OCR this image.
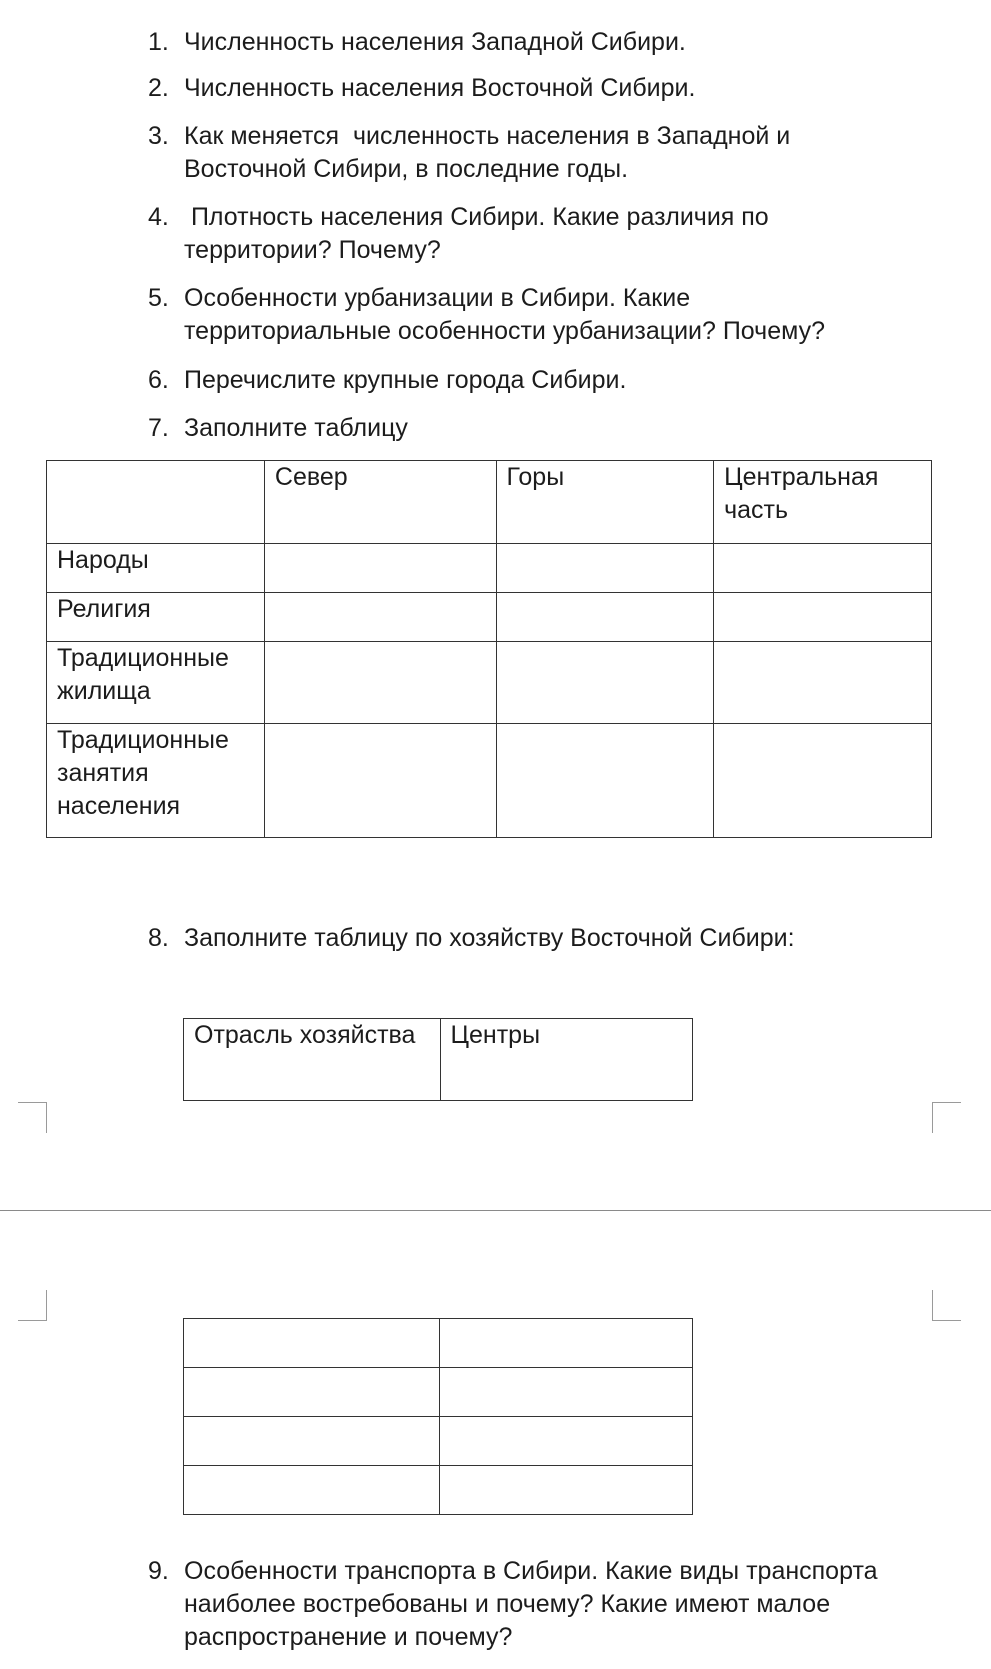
1. Численность населения Западной Сибири.
2. Численность населения Восточной Сибири.
3. Как меняется  численность населения в Западной и
Восточной Сибири, в последние годы.
4. Плотность населения Сибири. Какие различия по
территории? Почему?
5. Особенности урбанизации в Сибири. Какие
территориальные особенности урбанизации? Почему?
6. Перечислите крупные города Сибири.
7. Заполните таблицу
	Север	Горы	Центральная часть
Народы			
Религия			
Традиционные жилища			
Традиционные занятия населения			
8. Заполните таблицу по хозяйству Восточной Сибири:
Отрасль хозяйства	Центры

9. Особенности транспорта в Сибири. Какие виды транспорта
наиболее востребованы и почему? Какие имеют малое
распространение и почему?
